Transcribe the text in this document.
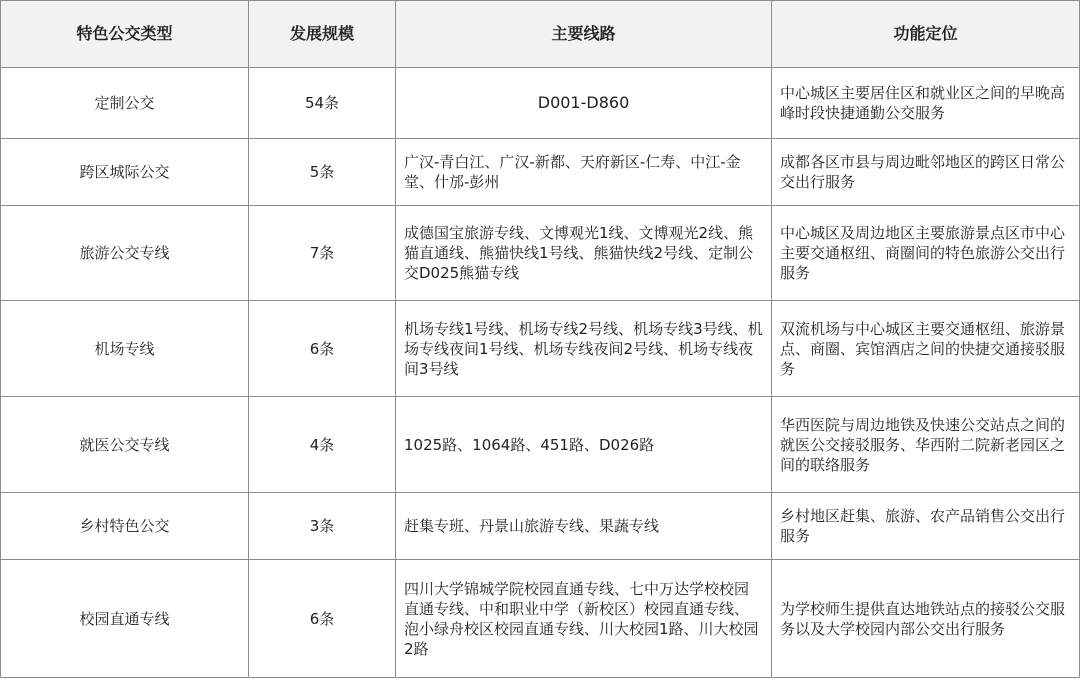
特色公交类型	发展规模	主要线路	功能定位
定制公交	54条	D001-D860	中心城区主要居住区和就业区之间的早晚高峰时段快捷通勤公交服务
跨区城际公交	5条	广汉-青白江、广汉-新都、天府新区-仁寿、中江-金堂、什邡-彭州	成都各区市县与周边毗邻地区的跨区日常公交出行服务
旅游公交专线	7条	成德国宝旅游专线、文博观光1线、文博观光2线、熊猫直通线、熊猫快线1号线、熊猫快线2号线、定制公交D025熊猫专线	中心城区及周边地区主要旅游景点区市中心主要交通枢纽、商圈间的特色旅游公交出行服务
机场专线	6条	机场专线1号线、机场专线2号线、机场专线3号线、机场专线夜间1号线、机场专线夜间2号线、机场专线夜间3号线	双流机场与中心城区主要交通枢纽、旅游景点、商圈、宾馆酒店之间的快捷交通接驳服务
就医公交专线	4条	1025路、1064路、451路、D026路	华西医院与周边地铁及快速公交站点之间的就医公交接驳服务、华西附二院新老园区之间的联络服务
乡村特色公交	3条	赶集专班、丹景山旅游专线、果蔬专线	乡村地区赶集、旅游、农产品销售公交出行服务
校园直通专线	6条	四川大学锦城学院校园直通专线、七中万达学校校园直通专线、中和职业中学（新校区）校园直通专线、泡小绿舟校区校园直通专线、川大校园1路、川大校园2路	为学校师生提供直达地铁站点的接驳公交服务以及大学校园内部公交出行服务
